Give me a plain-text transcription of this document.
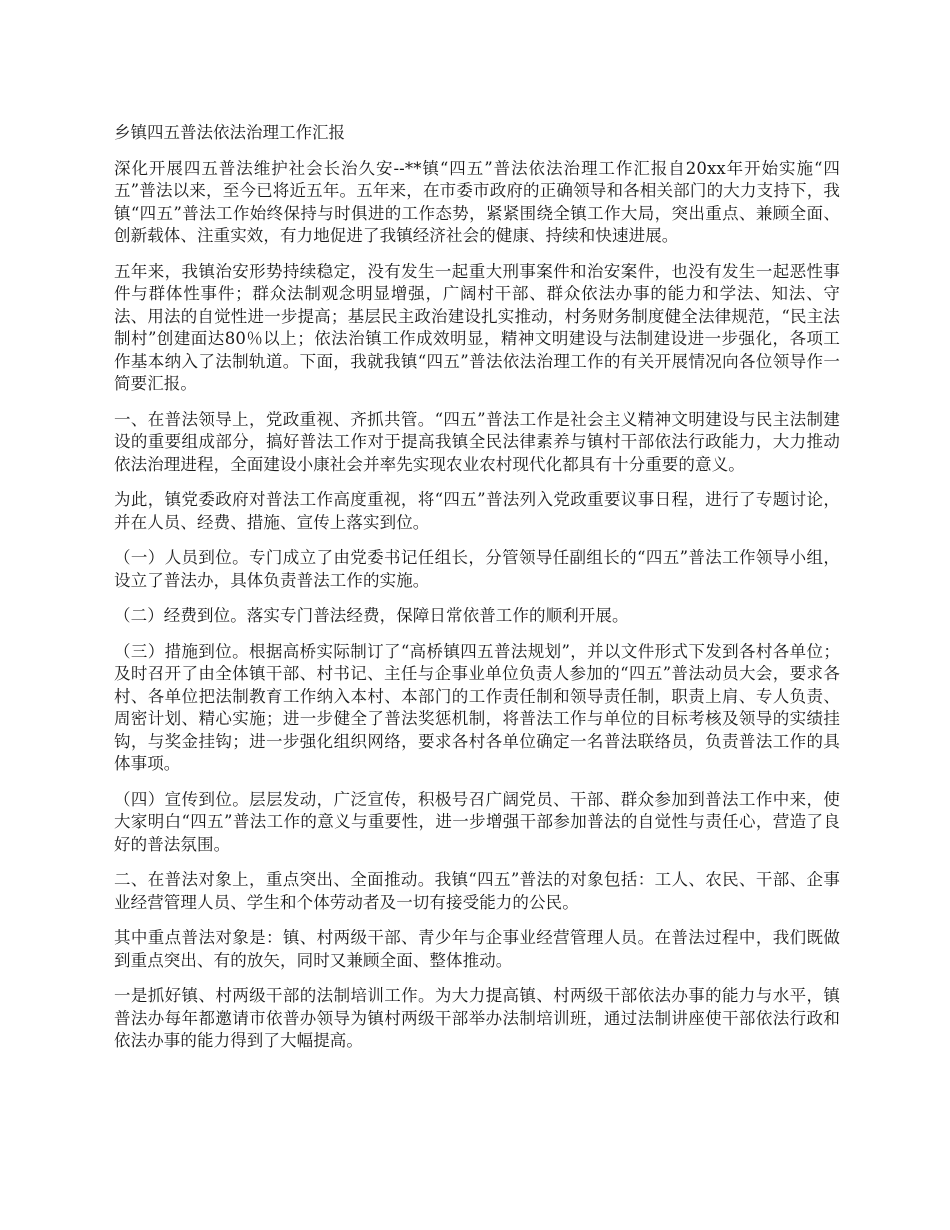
乡镇四五普法依法治理工作汇报

深化开展四五普法维护社会长治久安--**镇“四五”普法依法治理工作汇报自20xx年开始实施“四五”普法以来，至今已将近五年。五年来，在市委市政府的正确领导和各相关部门的大力支持下，我镇“四五”普法工作始终保持与时俱进的工作态势，紧紧围绕全镇工作大局，突出重点、兼顾全面、创新载体、注重实效，有力地促进了我镇经济社会的健康、持续和快速进展。

五年来，我镇治安形势持续稳定，没有发生一起重大刑事案件和治安案件，也没有发生一起恶性事件与群体性事件；群众法制观念明显增强，广阔村干部、群众依法办事的能力和学法、知法、守法、用法的自觉性进一步提高；基层民主政治建设扎实推动，村务财务制度健全法律规范，“民主法制村”创建面达80％以上；依法治镇工作成效明显，精神文明建设与法制建设进一步强化，各项工作基本纳入了法制轨道。下面，我就我镇“四五”普法依法治理工作的有关开展情况向各位领导作一简要汇报。

一、在普法领导上，党政重视、齐抓共管。“四五”普法工作是社会主义精神文明建设与民主法制建设的重要组成部分，搞好普法工作对于提高我镇全民法律素养与镇村干部依法行政能力，大力推动依法治理进程，全面建设小康社会并率先实现农业农村现代化都具有十分重要的意义。

为此，镇党委政府对普法工作高度重视，将“四五”普法列入党政重要议事日程，进行了专题讨论，并在人员、经费、措施、宣传上落实到位。

（一）人员到位。专门成立了由党委书记任组长，分管领导任副组长的“四五”普法工作领导小组，设立了普法办，具体负责普法工作的实施。

（二）经费到位。落实专门普法经费，保障日常依普工作的顺利开展。

（三）措施到位。根据高桥实际制订了“高桥镇四五普法规划”，并以文件形式下发到各村各单位；及时召开了由全体镇干部、村书记、主任与企事业单位负责人参加的“四五”普法动员大会，要求各村、各单位把法制教育工作纳入本村、本部门的工作责任制和领导责任制，职责上肩、专人负责、周密计划、精心实施；进一步健全了普法奖惩机制，将普法工作与单位的目标考核及领导的实绩挂钩，与奖金挂钩；进一步强化组织网络，要求各村各单位确定一名普法联络员，负责普法工作的具体事项。

（四）宣传到位。层层发动，广泛宣传，积极号召广阔党员、干部、群众参加到普法工作中来，使大家明白“四五”普法工作的意义与重要性，进一步增强干部参加普法的自觉性与责任心，营造了良好的普法氛围。

二、在普法对象上，重点突出、全面推动。我镇“四五”普法的对象包括：工人、农民、干部、企事业经营管理人员、学生和个体劳动者及一切有接受能力的公民。

其中重点普法对象是：镇、村两级干部、青少年与企事业经营管理人员。在普法过程中，我们既做到重点突出、有的放矢，同时又兼顾全面、整体推动。

一是抓好镇、村两级干部的法制培训工作。为大力提高镇、村两级干部依法办事的能力与水平，镇普法办每年都邀请市依普办领导为镇村两级干部举办法制培训班，通过法制讲座使干部依法行政和依法办事的能力得到了大幅提高。
